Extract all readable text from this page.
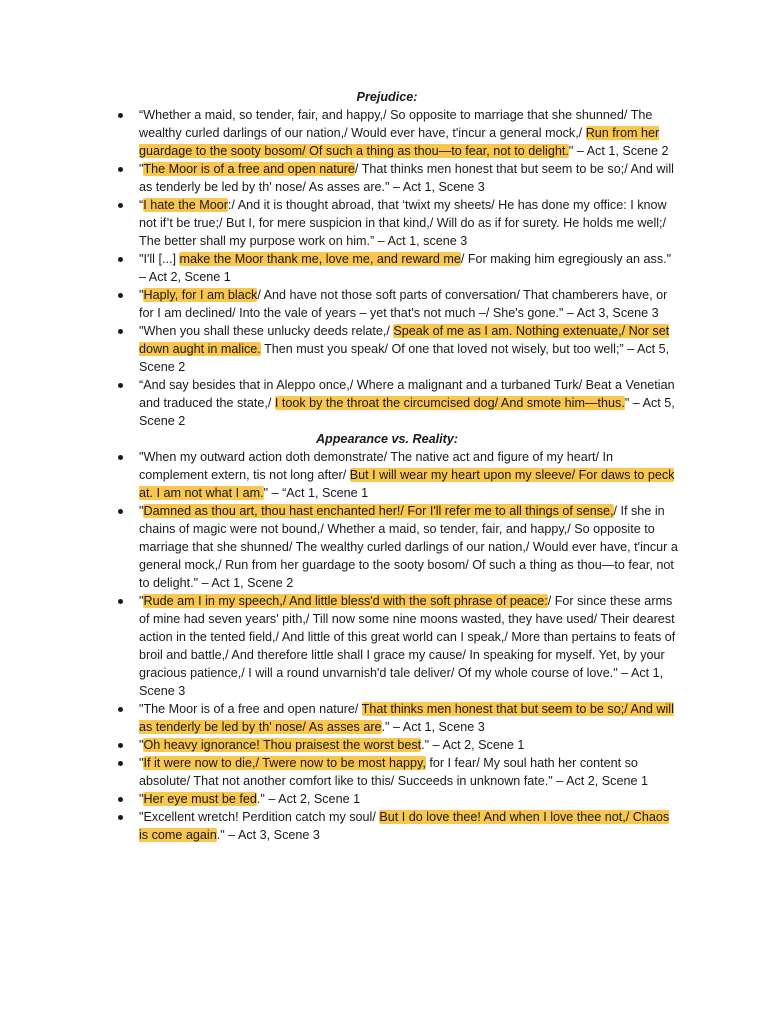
Prejudice:

“Whether a maid, so tender, fair, and happy,/ So opposite to marriage that she shunned/ The wealthy curled darlings of our nation,/ Would ever have, t'incur a general mock,/ Run from her guardage to the sooty bosom/ Of such a thing as thou—to fear, not to delight." – Act 1, Scene 2
"The Moor is of a free and open nature/ That thinks men honest that but seem to be so;/ And will as tenderly be led by th' nose/ As asses are." – Act 1, Scene 3
“I hate the Moor:/ And it is thought abroad, that ‘twixt my sheets/ He has done my office: I know not if’t be true;/ But I, for mere suspicion in that kind,/ Will do as if for surety. He holds me well;/ The better shall my purpose work on him.” – Act 1, scene 3
"I'll [...] make the Moor thank me, love me, and reward me/ For making him egregiously an ass." – Act 2, Scene 1
"Haply, for I am black/ And have not those soft parts of conversation/ That chamberers have, or for I am declined/ Into the vale of years – yet that's not much –/ She's gone." – Act 3, Scene 3
"When you shall these unlucky deeds relate,/ Speak of me as I am. Nothing extenuate,/ Nor set down aught in malice. Then must you speak/ Of one that loved not wisely, but too well;” – Act 5, Scene 2
“And say besides that in Aleppo once,/ Where a malignant and a turbaned Turk/ Beat a Venetian and traduced the state,/ I took by the throat the circumcised dog/ And smote him—thus." – Act 5, Scene 2

Appearance vs. Reality:

"When my outward action doth demonstrate/ The native act and figure of my heart/ In complement extern, tis not long after/ But I will wear my heart upon my sleeve/ For daws to peck at. I am not what I am." – “Act 1, Scene 1
"Damned as thou art, thou hast enchanted her!/ For I'll refer me to all things of sense,/ If she in chains of magic were not bound,/ Whether a maid, so tender, fair, and happy,/ So opposite to marriage that she shunned/ The wealthy curled darlings of our nation,/ Would ever have, t'incur a general mock,/ Run from her guardage to the sooty bosom/ Of such a thing as thou—to fear, not to delight." – Act 1, Scene 2
"Rude am I in my speech,/ And little bless'd with the soft phrase of peace:/ For since these arms of mine had seven years' pith,/ Till now some nine moons wasted, they have used/ Their dearest action in the tented field,/ And little of this great world can I speak,/ More than pertains to feats of broil and battle,/ And therefore little shall I grace my cause/ In speaking for myself. Yet, by your gracious patience,/ I will a round unvarnish'd tale deliver/ Of my whole course of love." – Act 1, Scene 3
"The Moor is of a free and open nature/ That thinks men honest that but seem to be so;/ And will as tenderly be led by th' nose/ As asses are." – Act 1, Scene 3
"Oh heavy ignorance! Thou praisest the worst best." – Act 2, Scene 1
"If it were now to die,/ Twere now to be most happy, for I fear/ My soul hath her content so absolute/ That not another comfort like to this/ Succeeds in unknown fate." – Act 2, Scene 1
"Her eye must be fed." – Act 2, Scene 1
"Excellent wretch! Perdition catch my soul/ But I do love thee! And when I love thee not,/ Chaos is come again." – Act 3, Scene 3
